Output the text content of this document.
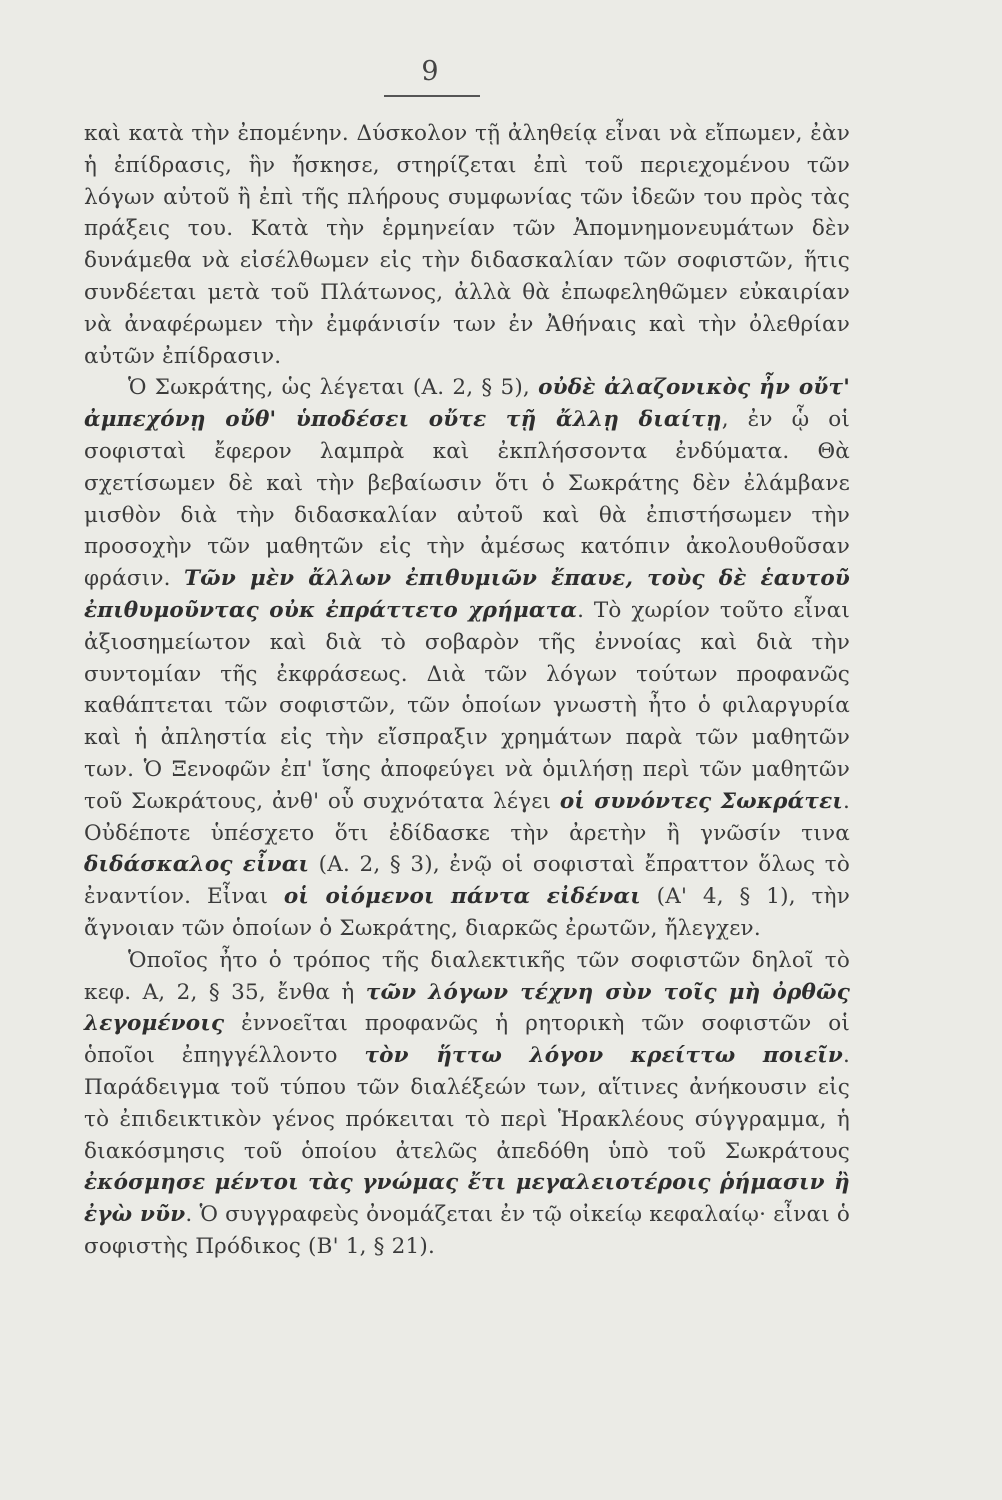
9

καὶ κατὰ τὴν ἐπομένην. Δύσκολον τῇ ἀληθείᾳ εἶναι νὰ εἴπωμεν, ἐὰν ἡ ἐπίδρασις, ἣν ἤσκησε, στηρίζεται ἐπὶ τοῦ περιεχομένου τῶν λόγων αὐτοῦ ἢ ἐπὶ τῆς πλήρους συμφωνίας τῶν ἰδεῶν του πρὸς τὰς πράξεις του. Κατὰ τὴν ἑρμηνείαν τῶν Ἀπομνημονευμάτων δὲν δυνάμεθα νὰ εἰσέλθωμεν εἰς τὴν διδασκαλίαν τῶν σοφιστῶν, ἥτις συνδέεται μετὰ τοῦ Πλάτωνος, ἀλλὰ θὰ ἐπωφεληθῶμεν εὐκαιρίαν νὰ ἀναφέρωμεν τὴν ἐμφάνισίν των ἐν Ἀθήναις καὶ τὴν ὀλεθρίαν αὐτῶν ἐπίδρασιν.

Ὁ Σωκράτης, ὡς λέγεται (Α. 2, § 5), οὐδὲ ἀλαζονικὸς ἦν οὔτ' ἀμπεχόνῃ οὔθ' ὑποδέσει οὔτε τῇ ἄλλῃ διαίτῃ, ἐν ᾧ οἱ σοφισταὶ ἔφερον λαμπρὰ καὶ ἐκπλήσσοντα ἐνδύματα. Θὰ σχετίσωμεν δὲ καὶ τὴν βεβαίωσιν ὅτι ὁ Σωκράτης δὲν ἐλάμβανε μισθὸν διὰ τὴν διδασκαλίαν αὐτοῦ καὶ θὰ ἐπιστήσωμεν τὴν προσοχὴν τῶν μαθητῶν εἰς τὴν ἀμέσως κατόπιν ἀκολουθοῦσαν φράσιν. Τῶν μὲν ἄλλων ἐπιθυμιῶν ἔπαυε, τοὺς δὲ ἑαυτοῦ ἐπιθυμοῦντας οὐκ ἐπράττετο χρήματα. Τὸ χωρίον τοῦτο εἶναι ἀξιοσημείωτον καὶ διὰ τὸ σοβαρὸν τῆς ἐννοίας καὶ διὰ τὴν συντομίαν τῆς ἐκφράσεως. Διὰ τῶν λόγων τούτων προφανῶς καθάπτεται τῶν σοφιστῶν, τῶν ὁποίων γνωστὴ ἦτο ὁ φιλαργυρία καὶ ἡ ἀπληστία εἰς τὴν εἴσπραξιν χρημάτων παρὰ τῶν μαθητῶν των. Ὁ Ξενοφῶν ἐπ' ἴσης ἀποφεύγει νὰ ὁμιλήσῃ περὶ τῶν μαθητῶν τοῦ Σωκράτους, ἀνθ' οὗ συχνότατα λέγει οἱ συνόντες Σωκράτει. Οὐδέποτε ὑπέσχετο ὅτι ἐδίδασκε τὴν ἀρετὴν ἢ γνῶσίν τινα διδάσκαλος εἶναι (Α. 2, § 3), ἐνῷ οἱ σοφισταὶ ἔπραττον ὅλως τὸ ἐναντίον. Εἶναι οἱ οἰόμενοι πάντα εἰδέναι (Α' 4, § 1), τὴν ἄγνοιαν τῶν ὁποίων ὁ Σωκράτης, διαρκῶς ἐρωτῶν, ἤλεγχεν.

Ὁποῖος ἦτο ὁ τρόπος τῆς διαλεκτικῆς τῶν σοφιστῶν δηλοῖ τὸ κεφ. Α, 2, § 35, ἔνθα ἡ τῶν λόγων τέχνη σὺν τοῖς μὴ ὀρθῶς λεγομένοις ἐννοεῖται προφανῶς ἡ ρητορικὴ τῶν σοφιστῶν οἱ ὁποῖοι ἐπηγγέλλοντο τὸν ἥττω λόγον κρείττω ποιεῖν. Παράδειγμα τοῦ τύπου τῶν διαλέξεών των, αἵτινες ἀνήκουσιν εἰς τὸ ἐπιδεικτικὸν γένος πρόκειται τὸ περὶ Ἡρακλέους σύγγραμμα, ἡ διακόσμησις τοῦ ὁποίου ἀτελῶς ἀπεδόθη ὑπὸ τοῦ Σωκράτους ἐκόσμησε μέντοι τὰς γνώμας ἔτι μεγαλειοτέροις ῥήμασιν ἢ ἐγὼ νῦν. Ὁ συγγραφεὺς ὀνομάζεται ἐν τῷ οἰκείῳ κεφαλαίῳ· εἶναι ὁ σοφιστὴς Πρόδικος (Β' 1, § 21).
